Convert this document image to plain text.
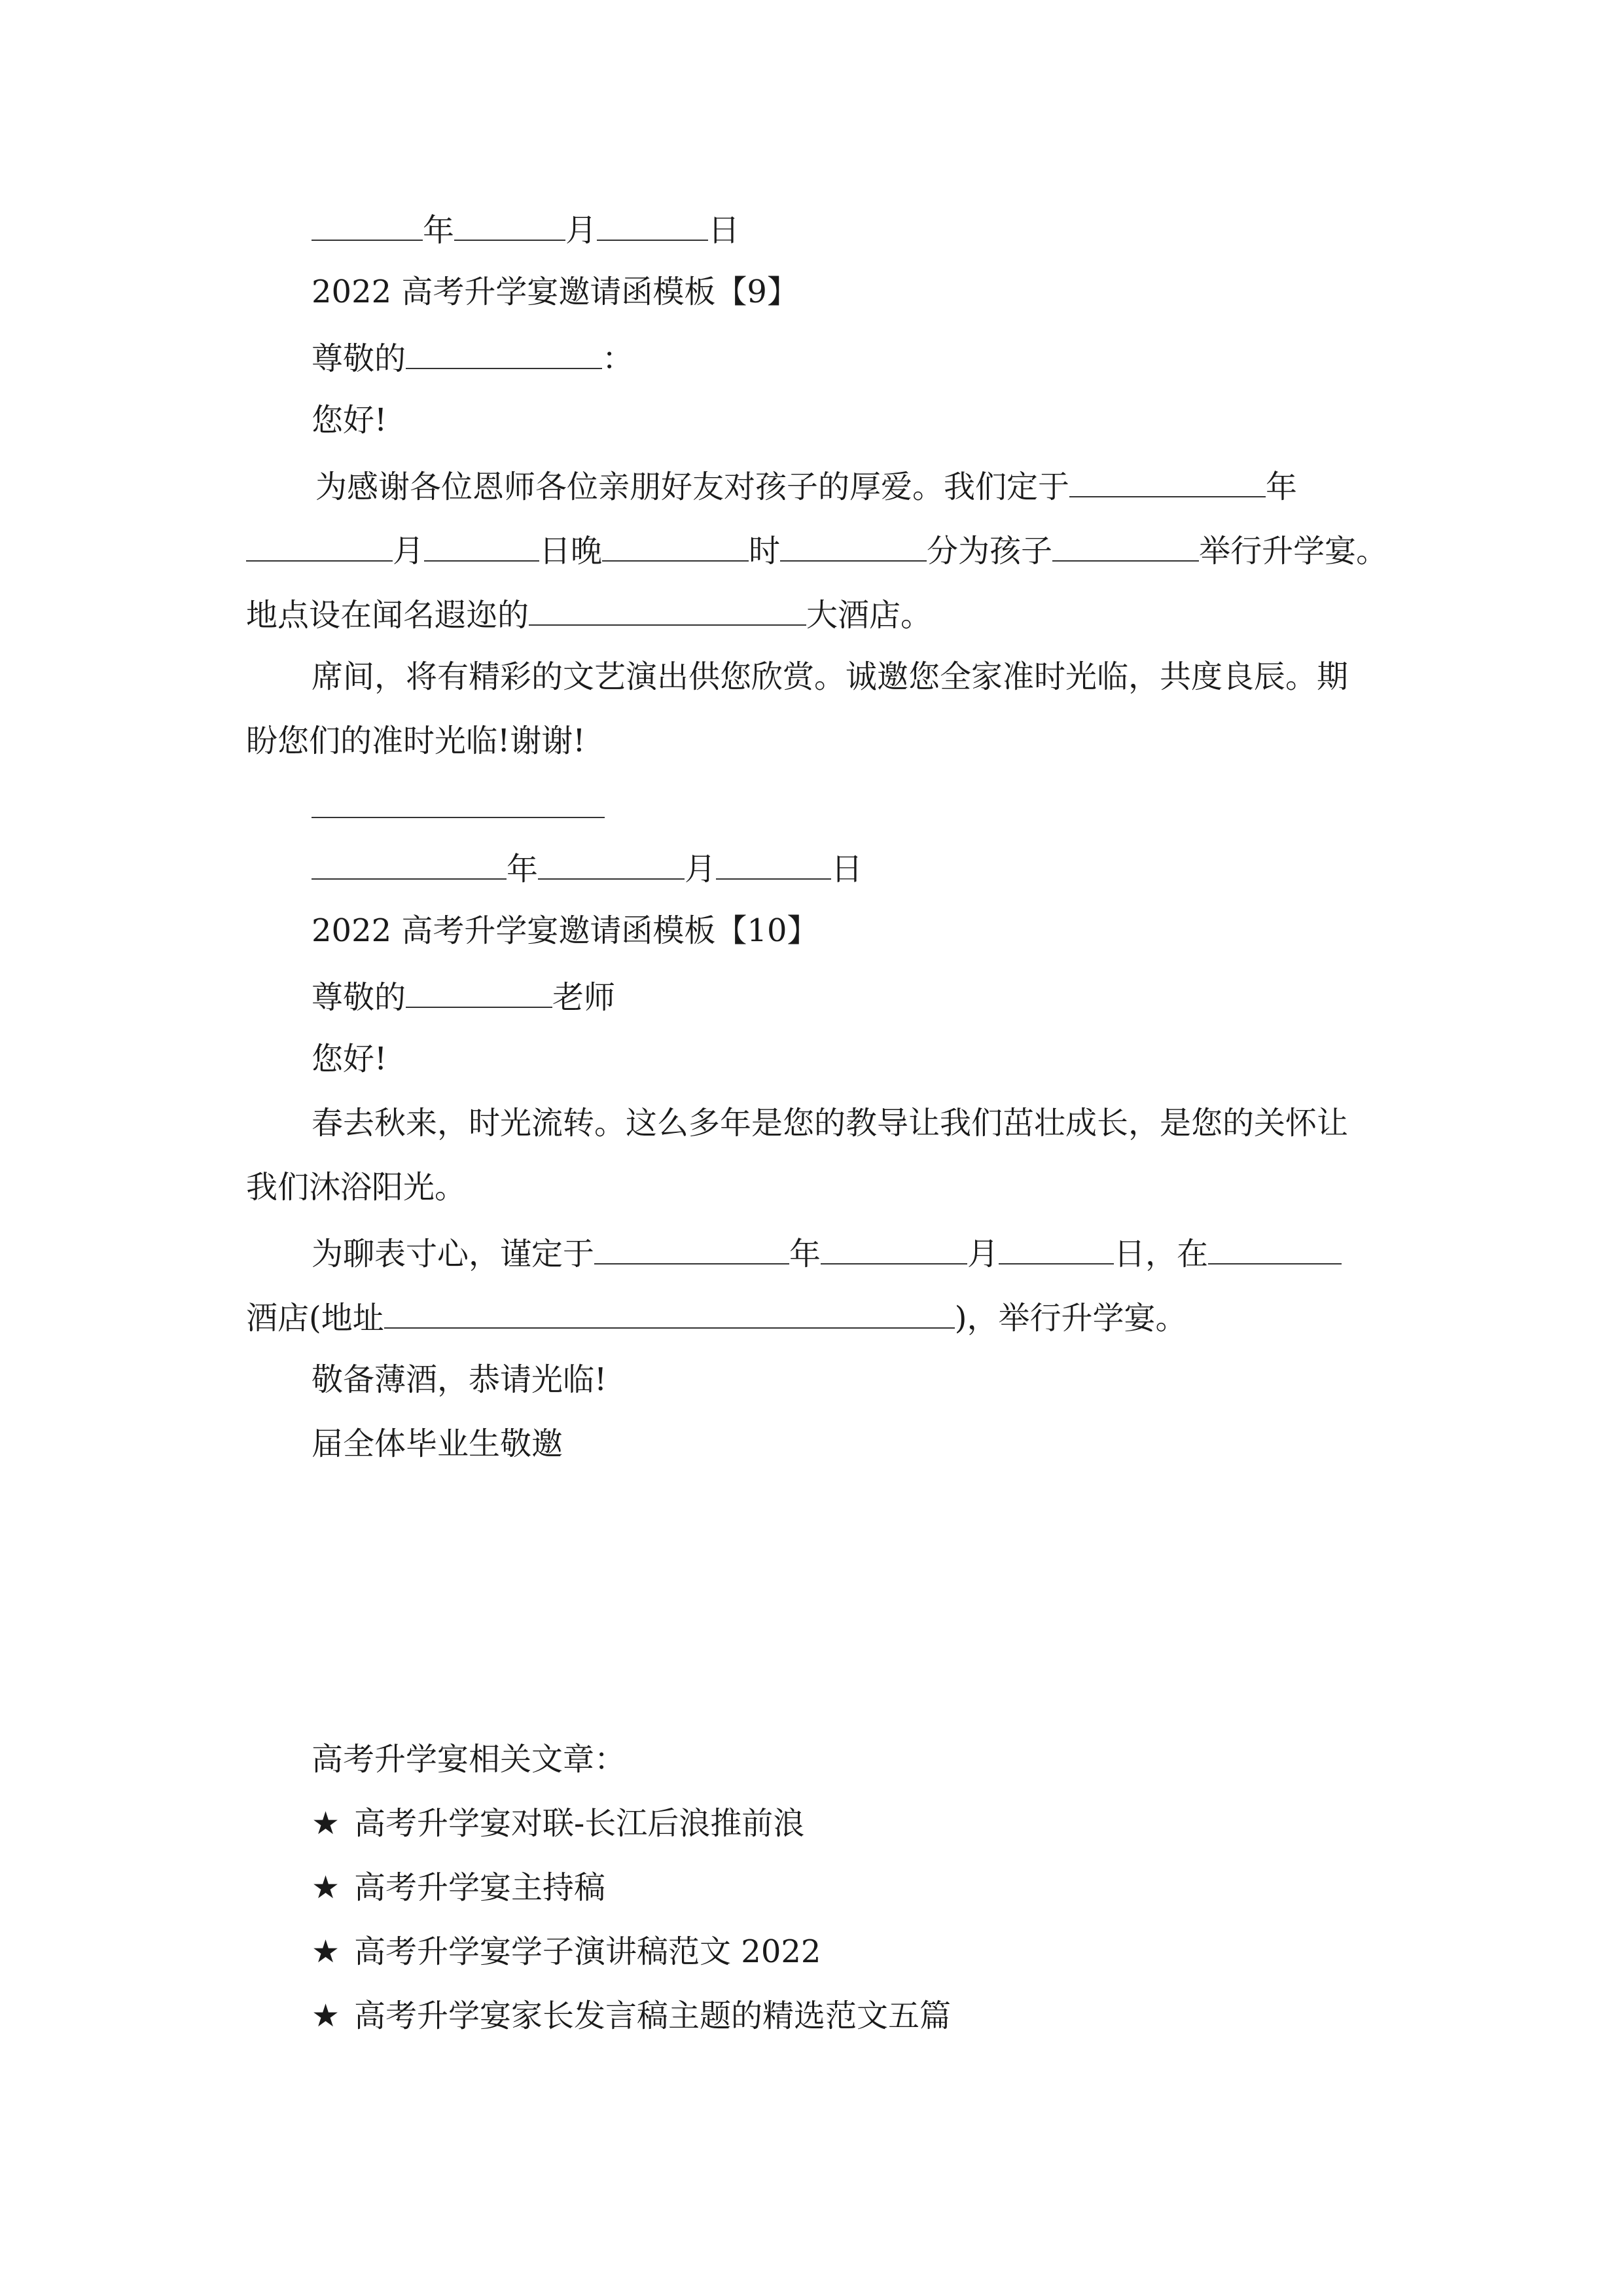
年	月	日
2022 高考升学宴邀请函模板【9】
尊敬的	：
您好!
为感谢各位恩师各位亲朋好友对孩子的厚爱。我们定于	年
月	日晚	时	分为孩子	举行升学宴。
地点设在闻名遐迩的	大酒店。
席间，将有精彩的文艺演出供您欣赏。诚邀您全家准时光临，共度良辰。期
盼您们的准时光临!谢谢!
年	月	日
2022 高考升学宴邀请函模板【10】
尊敬的	老师
您好!
春去秋来，时光流转。这么多年是您的教导让我们茁壮成长，是您的关怀让
我们沐浴阳光。
为聊表寸心，谨定于	年	月	日，在
酒店(地址	)，举行升学宴。
敬备薄酒，恭请光临!
届全体毕业生敬邀
高考升学宴相关文章：
★ 高考升学宴对联-长江后浪推前浪
★ 高考升学宴主持稿
★ 高考升学宴学子演讲稿范文 2022
★ 高考升学宴家长发言稿主题的精选范文五篇
